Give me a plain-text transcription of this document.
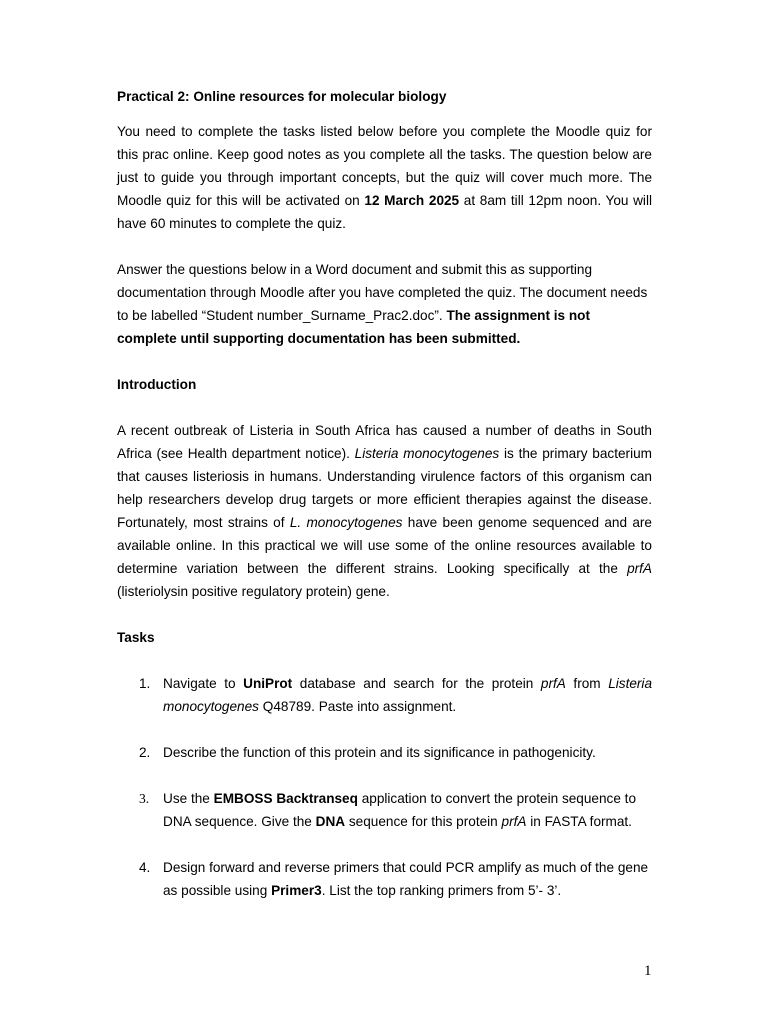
Practical 2: Online resources for molecular biology

You need to complete the tasks listed below before you complete the Moodle quiz for this prac online. Keep good notes as you complete all the tasks. The question below are just to guide you through important concepts, but the quiz will cover much more. The Moodle quiz for this will be activated on 12 March 2025 at 8am till 12pm noon. You will have 60 minutes to complete the quiz.

Answer the questions below in a Word document and submit this as supporting documentation through Moodle after you have completed the quiz. The document needs to be labelled “Student number_Surname_Prac2.doc”. The assignment is not complete until supporting documentation has been submitted.

Introduction

A recent outbreak of Listeria in South Africa has caused a number of deaths in South Africa (see Health department notice). Listeria monocytogenes is the primary bacterium that causes listeriosis in humans. Understanding virulence factors of this organism can help researchers develop drug targets or more efficient therapies against the disease. Fortunately, most strains of L. monocytogenes have been genome sequenced and are available online. In this practical we will use some of the online resources available to determine variation between the different strains. Looking specifically at the prfA (listeriolysin positive regulatory protein) gene.

Tasks

1. Navigate to UniProt database and search for the protein prfA from Listeria monocytogenes Q48789. Paste into assignment.
2. Describe the function of this protein and its significance in pathogenicity.
3. Use the EMBOSS Backtranseq application to convert the protein sequence to DNA sequence. Give the DNA sequence for this protein prfA in FASTA format.
4. Design forward and reverse primers that could PCR amplify as much of the gene as possible using Primer3. List the top ranking primers from 5’- 3’.
1
